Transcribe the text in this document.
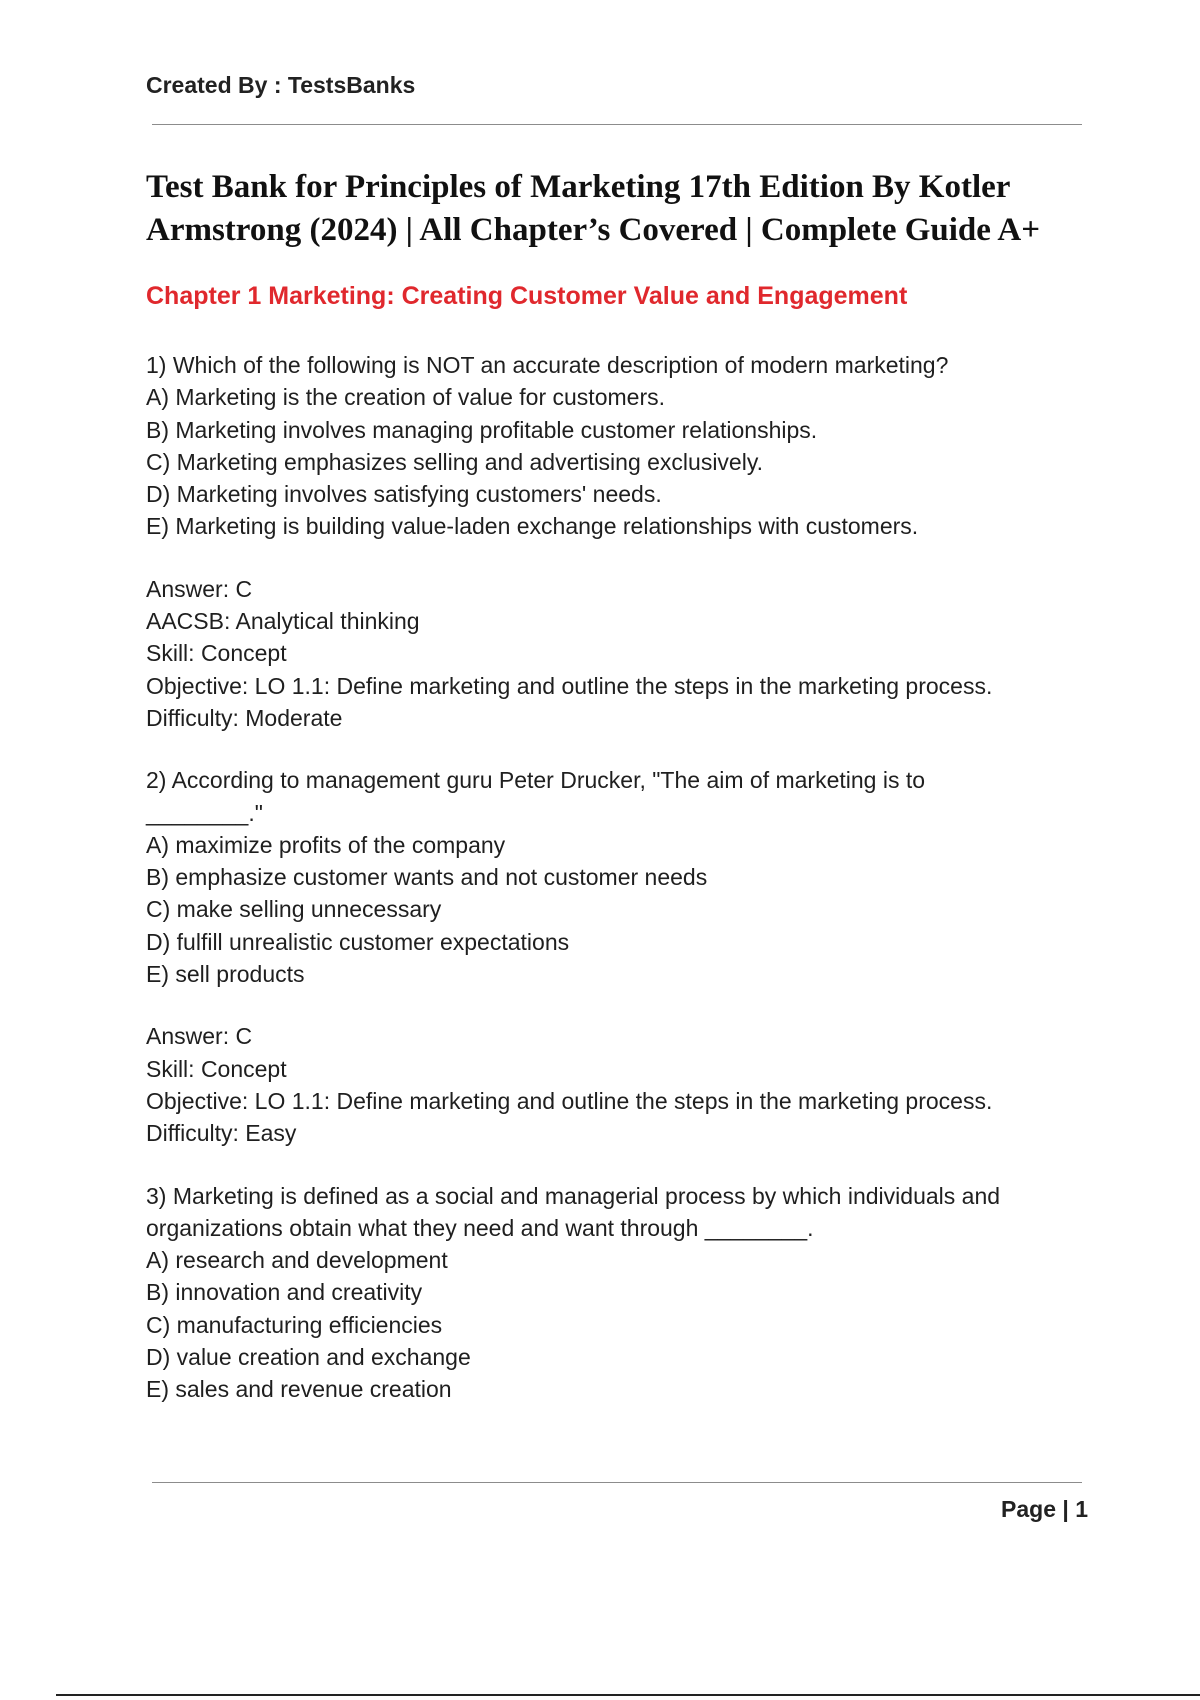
Created By : TestsBanks
Test Bank for Principles of Marketing 17th Edition By Kotler
Armstrong (2024) | All Chapter’s Covered | Complete Guide A+
Chapter 1 Marketing: Creating Customer Value and Engagement
1) Which of the following is NOT an accurate description of modern marketing?
A) Marketing is the creation of value for customers.
B) Marketing involves managing profitable customer relationships.
C) Marketing emphasizes selling and advertising exclusively.
D) Marketing involves satisfying customers' needs.
E) Marketing is building value-laden exchange relationships with customers.
Answer: C
AACSB: Analytical thinking
Skill: Concept
Objective: LO 1.1: Define marketing and outline the steps in the marketing process.
Difficulty: Moderate
2) According to management guru Peter Drucker, "The aim of marketing is to
________."
A) maximize profits of the company
B) emphasize customer wants and not customer needs
C) make selling unnecessary
D) fulfill unrealistic customer expectations
E) sell products
Answer: C
Skill: Concept
Objective: LO 1.1: Define marketing and outline the steps in the marketing process.
Difficulty: Easy
3) Marketing is defined as a social and managerial process by which individuals and
organizations obtain what they need and want through ________.
A) research and development
B) innovation and creativity
C) manufacturing efficiencies
D) value creation and exchange
E) sales and revenue creation
Page | 1
